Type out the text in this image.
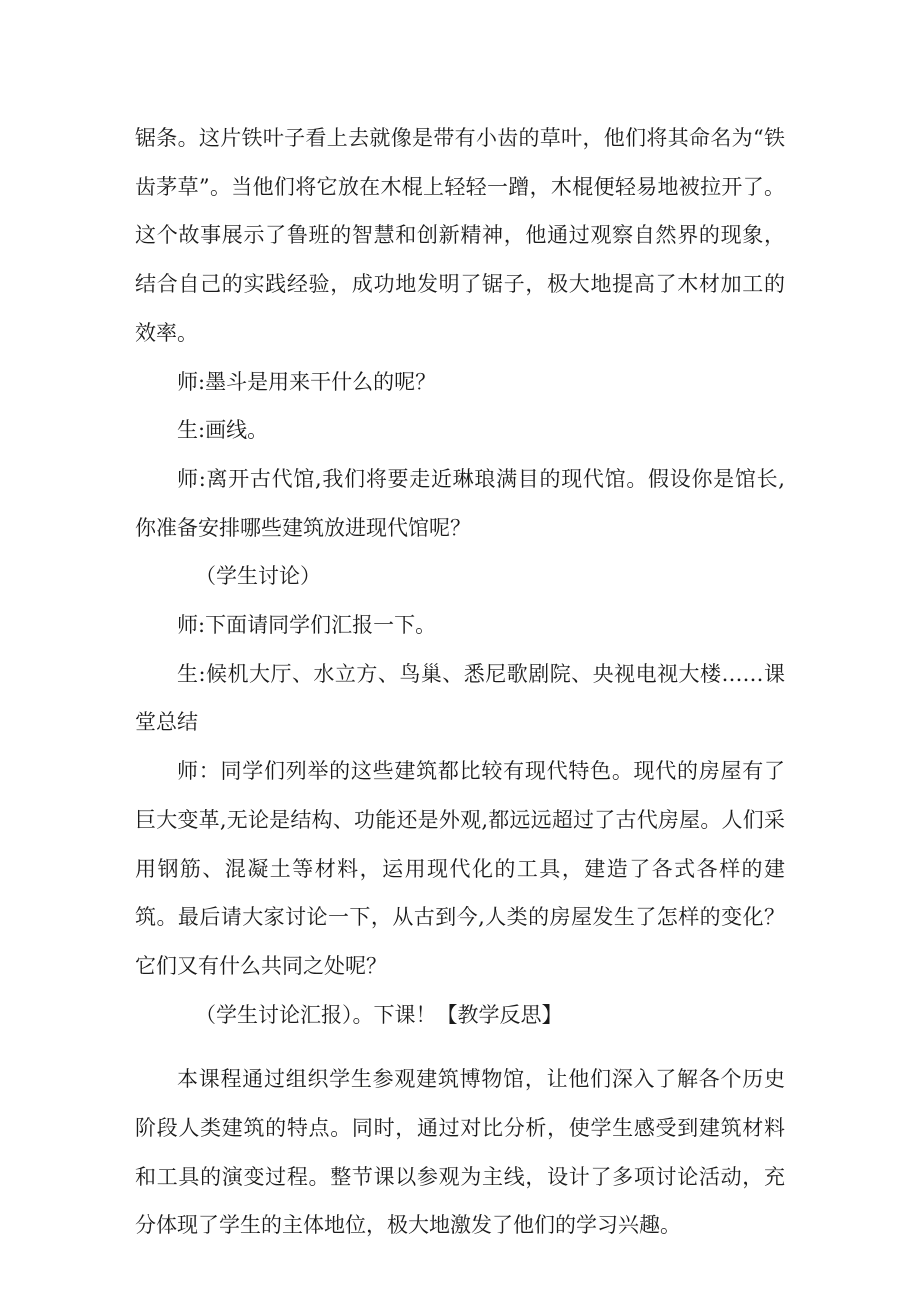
锯条。这片铁叶子看上去就像是带有小齿的草叶，他们将其命名为“铁齿茅草”。当他们将它放在木棍上轻轻一蹭，木棍便轻易地被拉开了。这个故事展示了鲁班的智慧和创新精神，他通过观察自然界的现象，结合自己的实践经验，成功地发明了锯子，极大地提高了木材加工的效率。

师:墨斗是用来干什么的呢？

生:画线。

师:离开古代馆,我们将要走近琳琅满目的现代馆。假设你是馆长,你准备安排哪些建筑放进现代馆呢？

（学生讨论）

师:下面请同学们汇报一下。

生:候机大厅、水立方、鸟巢、悉尼歌剧院、央视电视大楼……课堂总结

师：同学们列举的这些建筑都比较有现代特色。现代的房屋有了巨大变革,无论是结构、功能还是外观,都远远超过了古代房屋。人们采用钢筋、混凝土等材料，运用现代化的工具，建造了各式各样的建筑。最后请大家讨论一下，从古到今,人类的房屋发生了怎样的变化？它们又有什么共同之处呢？

（学生讨论汇报）。下课！【教学反思】

本课程通过组织学生参观建筑博物馆，让他们深入了解各个历史阶段人类建筑的特点。同时，通过对比分析，使学生感受到建筑材料和工具的演变过程。整节课以参观为主线，设计了多项讨论活动，充分体现了学生的主体地位，极大地激发了他们的学习兴趣。
